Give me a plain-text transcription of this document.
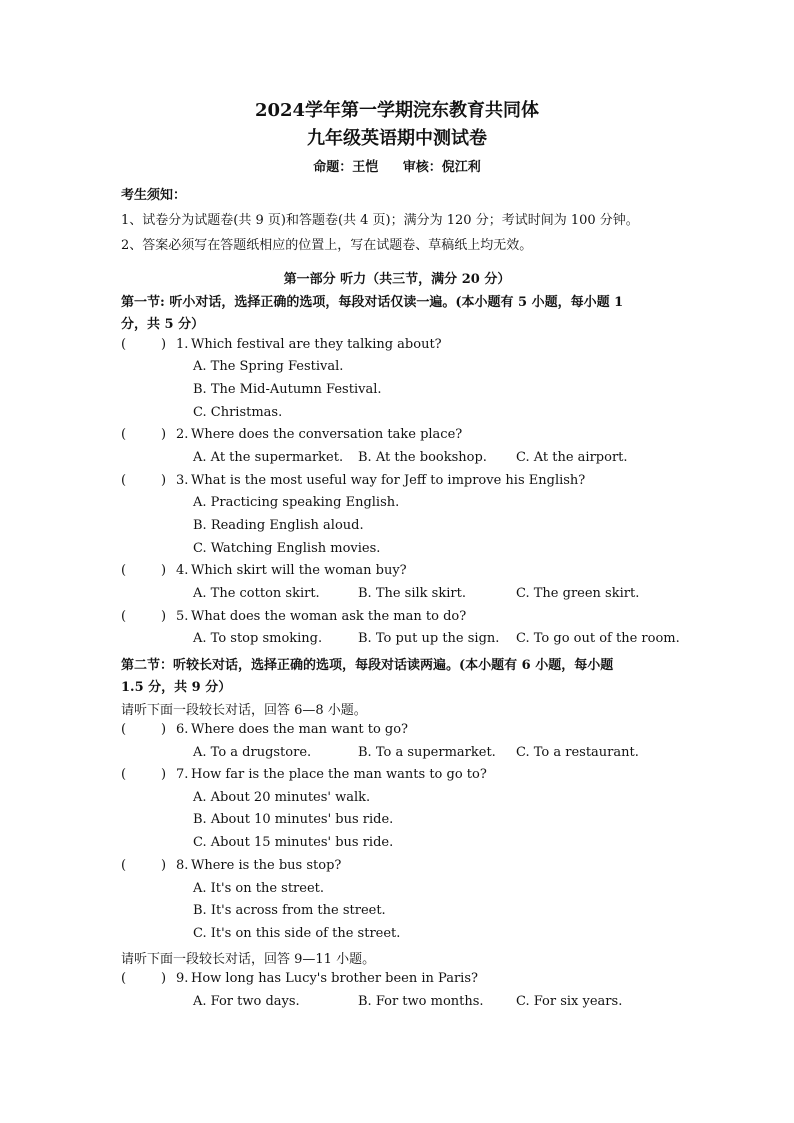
2024学年第一学期浣东教育共同体
九年级英语期中测试卷
命题：王恺 审核：倪江利
考生须知：
1、试卷分为试题卷(共 9 页)和答题卷(共 4 页)；满分为 120 分；考试时间为 100 分钟。
2、答案必须写在答题纸相应的位置上，写在试题卷、草稿纸上均无效。
第一部分 听力（共三节，满分 20 分）
第一节: 听小对话，选择正确的选项，每段对话仅读一遍。(本小题有 5 小题，每小题 1
分，共 5 分）
(	) 1. Which festival are they talking about?
A. The Spring Festival.
B. The Mid-Autumn Festival.
C. Christmas.
(	) 2. Where does the conversation take place?
A. At the supermarket. B. At the bookshop. C. At the airport.
(	) 3. What is the most useful way for Jeff to improve his English?
A. Practicing speaking English.
B. Reading English aloud.
C. Watching English movies.
(	) 4. Which skirt will the woman buy?
A. The cotton skirt.	B. The silk skirt.	C. The green skirt.
(	) 5. What does the woman ask the man to do?
A. To stop smoking.	B. To put up the sign. C. To go out of the room.
第二节：听较长对话，选择正确的选项，每段对话读两遍。(本小题有 6 小题，每小题
1.5 分，共 9 分）
请听下面一段较长对话，回答 6—8 小题。
(	) 6. Where does the man want to go?
A. To a drugstore.	B. To a supermarket. C. To a restaurant.
(	) 7. How far is the place the man wants to go to?
A. About 20 minutes' walk.
B. About 10 minutes' bus ride.
C. About 15 minutes' bus ride.
(	) 8. Where is the bus stop?
A. It's on the street.
B. It's across from the street.
C. It's on this side of the street.
请听下面一段较长对话，回答 9—11 小题。
(	) 9. How long has Lucy's brother been in Paris?
A. For two days.	B. For two months. C. For six years.
